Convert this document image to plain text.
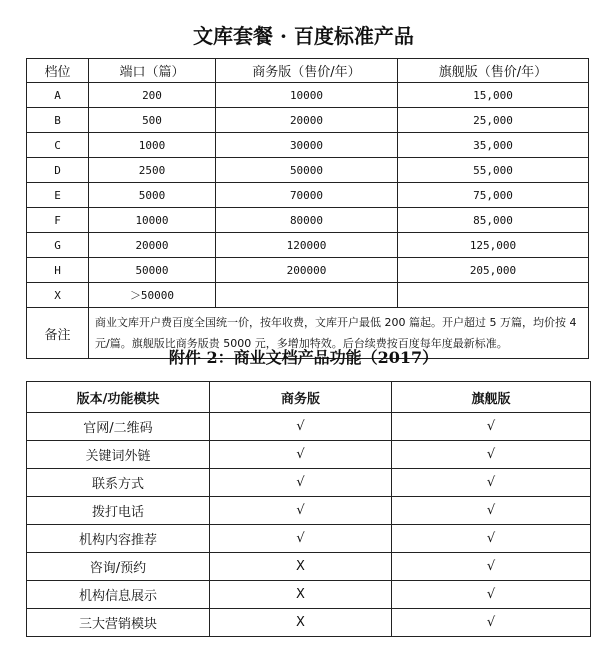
文库套餐 · 百度标准产品
档位	端口（篇）	商务版（售价/年）	旗舰版（售价/年）
A	200	10000	15,000
B	500	20000	25,000
C	1000	30000	35,000
D	2500	50000	55,000
E	5000	70000	75,000
F	10000	80000	85,000
G	20000	120000	125,000
H	50000	200000	205,000
X	＞50000		
备注	商业文库开户费百度全国统一价，按年收费，文库开户最低 200 篇起。开户超过 5 万篇，均价按 4 元/篇。旗舰版比商务版贵 5000 元，多增加特效。后台续费按百度每年度最新标准。		
附件 2：商业文档产品功能（2017）
版本/功能模块	商务版	旗舰版
官网/二维码	√	√
关键词外链	√	√
联系方式	√	√
拨打电话	√	√
机构内容推荐	√	√
咨询/预约	X	√
机构信息展示	X	√
三大营销模块	X	√
